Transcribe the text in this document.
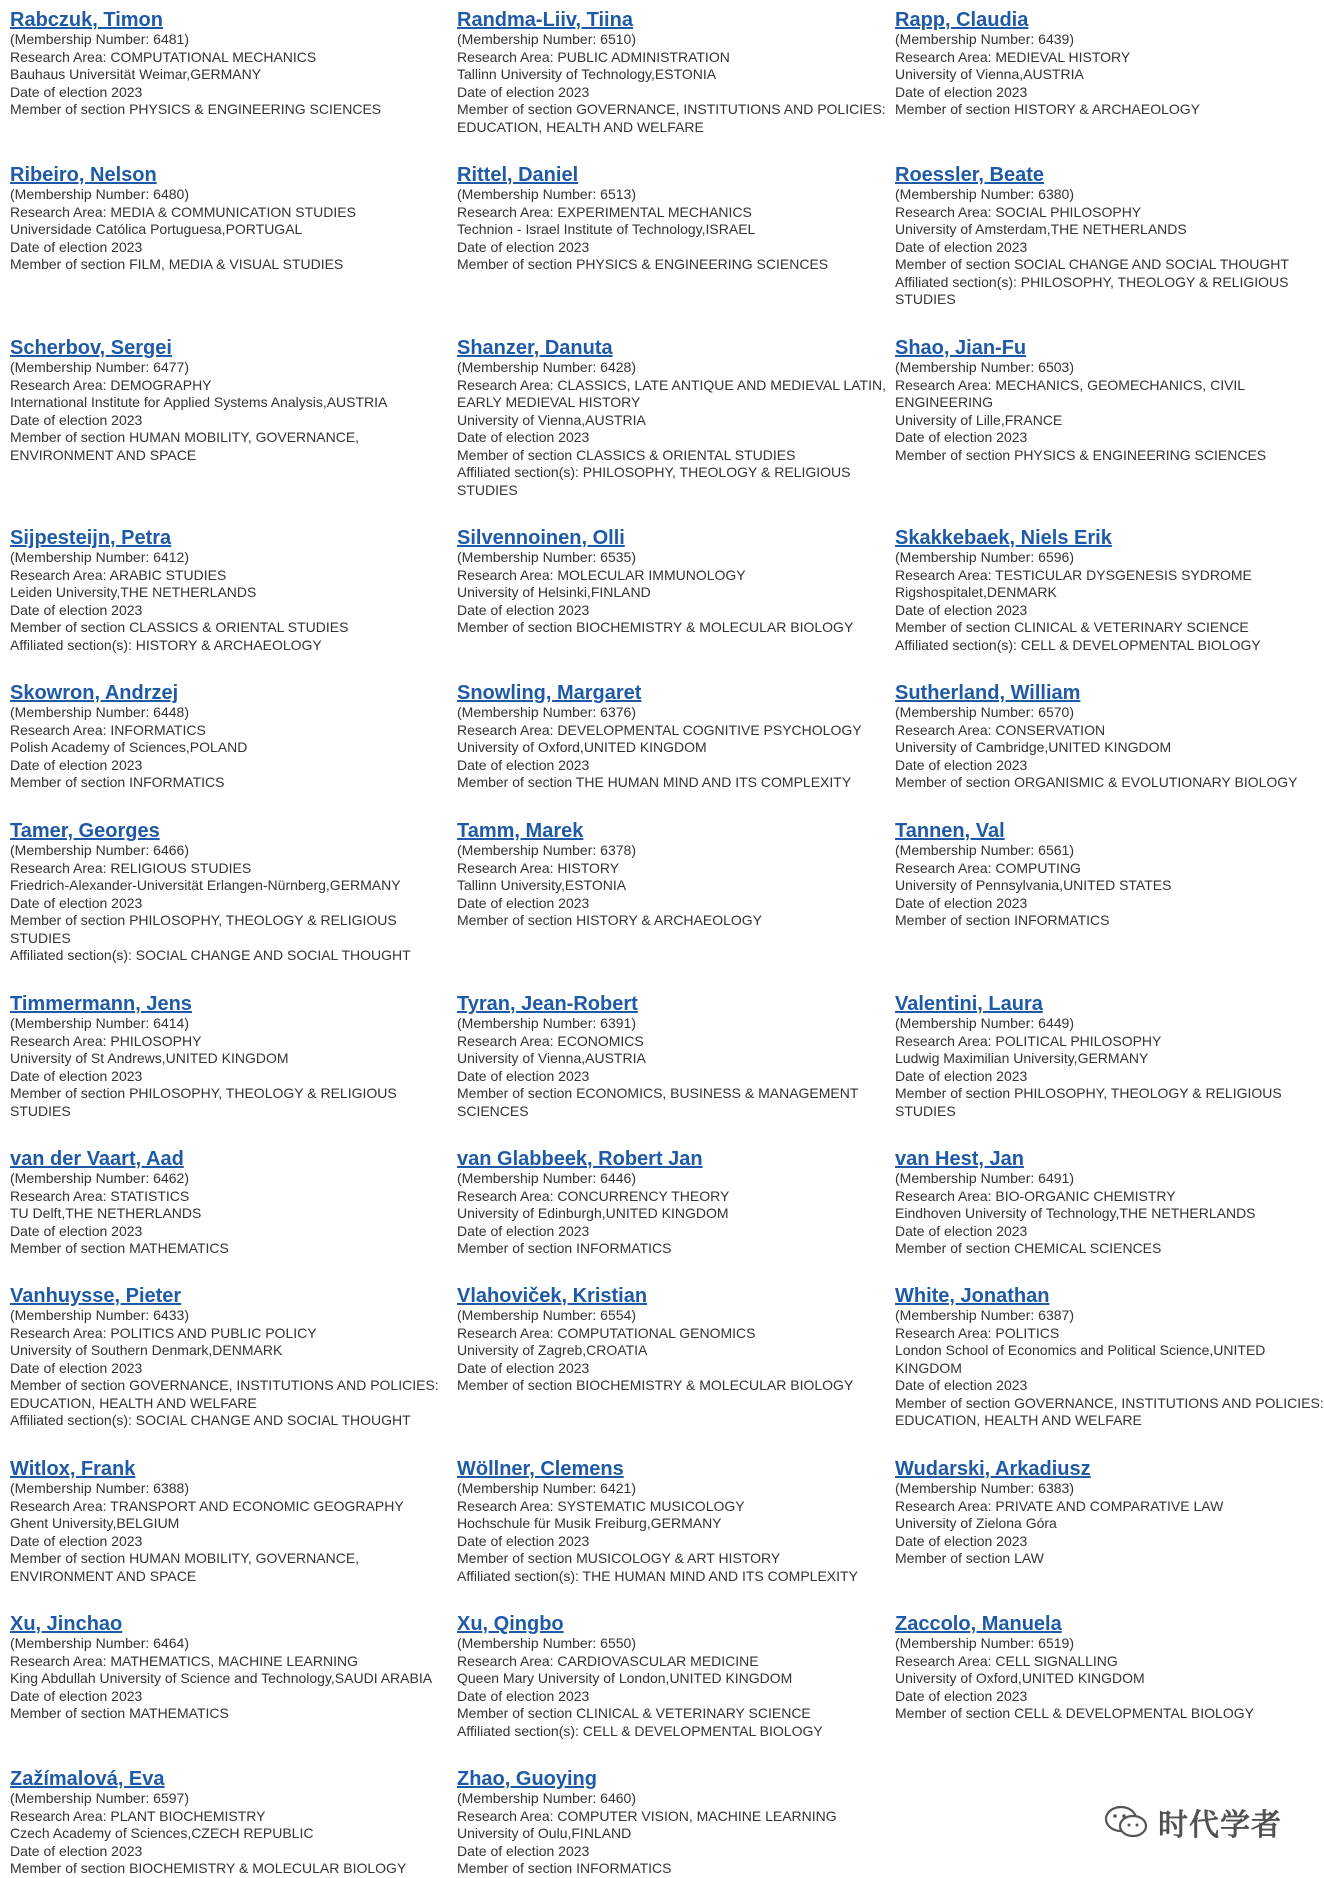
Rabczuk, Timon
(Membership Number: 6481)
Research Area: COMPUTATIONAL MECHANICS
Bauhaus Universität Weimar,GERMANY
Date of election 2023
Member of section PHYSICS & ENGINEERING SCIENCES
Randma-Liiv, Tiina
(Membership Number: 6510)
Research Area: PUBLIC ADMINISTRATION
Tallinn University of Technology,ESTONIA
Date of election 2023
Member of section GOVERNANCE, INSTITUTIONS AND POLICIES: EDUCATION, HEALTH AND WELFARE
Rapp, Claudia
(Membership Number: 6439)
Research Area: MEDIEVAL HISTORY
University of Vienna,AUSTRIA
Date of election 2023
Member of section HISTORY & ARCHAEOLOGY
Ribeiro, Nelson
(Membership Number: 6480)
Research Area: MEDIA & COMMUNICATION STUDIES
Universidade Católica Portuguesa,PORTUGAL
Date of election 2023
Member of section FILM, MEDIA & VISUAL STUDIES
Rittel, Daniel
(Membership Number: 6513)
Research Area: EXPERIMENTAL MECHANICS
Technion - Israel Institute of Technology,ISRAEL
Date of election 2023
Member of section PHYSICS & ENGINEERING SCIENCES
Roessler, Beate
(Membership Number: 6380)
Research Area: SOCIAL PHILOSOPHY
University of Amsterdam,THE NETHERLANDS
Date of election 2023
Member of section SOCIAL CHANGE AND SOCIAL THOUGHT
Affiliated section(s): PHILOSOPHY, THEOLOGY & RELIGIOUS STUDIES
Scherbov, Sergei
(Membership Number: 6477)
Research Area: DEMOGRAPHY
International Institute for Applied Systems Analysis,AUSTRIA
Date of election 2023
Member of section HUMAN MOBILITY, GOVERNANCE, ENVIRONMENT AND SPACE
Shanzer, Danuta
(Membership Number: 6428)
Research Area: CLASSICS, LATE ANTIQUE AND MEDIEVAL LATIN, EARLY MEDIEVAL HISTORY
University of Vienna,AUSTRIA
Date of election 2023
Member of section CLASSICS & ORIENTAL STUDIES
Affiliated section(s): PHILOSOPHY, THEOLOGY & RELIGIOUS STUDIES
Shao, Jian-Fu
(Membership Number: 6503)
Research Area: MECHANICS, GEOMECHANICS, CIVIL ENGINEERING
University of Lille,FRANCE
Date of election 2023
Member of section PHYSICS & ENGINEERING SCIENCES
Sijpesteijn, Petra
(Membership Number: 6412)
Research Area: ARABIC STUDIES
Leiden University,THE NETHERLANDS
Date of election 2023
Member of section CLASSICS & ORIENTAL STUDIES
Affiliated section(s): HISTORY & ARCHAEOLOGY
Silvennoinen, Olli
(Membership Number: 6535)
Research Area: MOLECULAR IMMUNOLOGY
University of Helsinki,FINLAND
Date of election 2023
Member of section BIOCHEMISTRY & MOLECULAR BIOLOGY
Skakkebaek, Niels Erik
(Membership Number: 6596)
Research Area: TESTICULAR DYSGENESIS SYDROME
Rigshospitalet,DENMARK
Date of election 2023
Member of section CLINICAL & VETERINARY SCIENCE
Affiliated section(s): CELL & DEVELOPMENTAL BIOLOGY
Skowron, Andrzej
(Membership Number: 6448)
Research Area: INFORMATICS
Polish Academy of Sciences,POLAND
Date of election 2023
Member of section INFORMATICS
Snowling, Margaret
(Membership Number: 6376)
Research Area: DEVELOPMENTAL COGNITIVE PSYCHOLOGY
University of Oxford,UNITED KINGDOM
Date of election 2023
Member of section THE HUMAN MIND AND ITS COMPLEXITY
Sutherland, William
(Membership Number: 6570)
Research Area: CONSERVATION
University of Cambridge,UNITED KINGDOM
Date of election 2023
Member of section ORGANISMIC & EVOLUTIONARY BIOLOGY
Tamer, Georges
(Membership Number: 6466)
Research Area: RELIGIOUS STUDIES
Friedrich-Alexander-Universität Erlangen-Nürnberg,GERMANY
Date of election 2023
Member of section PHILOSOPHY, THEOLOGY & RELIGIOUS STUDIES
Affiliated section(s): SOCIAL CHANGE AND SOCIAL THOUGHT
Tamm, Marek
(Membership Number: 6378)
Research Area: HISTORY
Tallinn University,ESTONIA
Date of election 2023
Member of section HISTORY & ARCHAEOLOGY
Tannen, Val
(Membership Number: 6561)
Research Area: COMPUTING
University of Pennsylvania,UNITED STATES
Date of election 2023
Member of section INFORMATICS
Timmermann, Jens
(Membership Number: 6414)
Research Area: PHILOSOPHY
University of St Andrews,UNITED KINGDOM
Date of election 2023
Member of section PHILOSOPHY, THEOLOGY & RELIGIOUS STUDIES
Tyran, Jean-Robert
(Membership Number: 6391)
Research Area: ECONOMICS
University of Vienna,AUSTRIA
Date of election 2023
Member of section ECONOMICS, BUSINESS & MANAGEMENT SCIENCES
Valentini, Laura
(Membership Number: 6449)
Research Area: POLITICAL PHILOSOPHY
Ludwig Maximilian University,GERMANY
Date of election 2023
Member of section PHILOSOPHY, THEOLOGY & RELIGIOUS STUDIES
van der Vaart, Aad
(Membership Number: 6462)
Research Area: STATISTICS
TU Delft,THE NETHERLANDS
Date of election 2023
Member of section MATHEMATICS
van Glabbeek, Robert Jan
(Membership Number: 6446)
Research Area: CONCURRENCY THEORY
University of Edinburgh,UNITED KINGDOM
Date of election 2023
Member of section INFORMATICS
van Hest, Jan
(Membership Number: 6491)
Research Area: BIO-ORGANIC CHEMISTRY
Eindhoven University of Technology,THE NETHERLANDS
Date of election 2023
Member of section CHEMICAL SCIENCES
Vanhuysse, Pieter
(Membership Number: 6433)
Research Area: POLITICS AND PUBLIC POLICY
University of Southern Denmark,DENMARK
Date of election 2023
Member of section GOVERNANCE, INSTITUTIONS AND POLICIES: EDUCATION, HEALTH AND WELFARE
Affiliated section(s): SOCIAL CHANGE AND SOCIAL THOUGHT
Vlahoviček, Kristian
(Membership Number: 6554)
Research Area: COMPUTATIONAL GENOMICS
University of Zagreb,CROATIA
Date of election 2023
Member of section BIOCHEMISTRY & MOLECULAR BIOLOGY
White, Jonathan
(Membership Number: 6387)
Research Area: POLITICS
London School of Economics and Political Science,UNITED KINGDOM
Date of election 2023
Member of section GOVERNANCE, INSTITUTIONS AND POLICIES: EDUCATION, HEALTH AND WELFARE
Witlox, Frank
(Membership Number: 6388)
Research Area: TRANSPORT AND ECONOMIC GEOGRAPHY
Ghent University,BELGIUM
Date of election 2023
Member of section HUMAN MOBILITY, GOVERNANCE, ENVIRONMENT AND SPACE
Wöllner, Clemens
(Membership Number: 6421)
Research Area: SYSTEMATIC MUSICOLOGY
Hochschule für Musik Freiburg,GERMANY
Date of election 2023
Member of section MUSICOLOGY & ART HISTORY
Affiliated section(s): THE HUMAN MIND AND ITS COMPLEXITY
Wudarski, Arkadiusz
(Membership Number: 6383)
Research Area: PRIVATE AND COMPARATIVE LAW
University of Zielona Góra
Date of election 2023
Member of section LAW
Xu, Jinchao
(Membership Number: 6464)
Research Area: MATHEMATICS, MACHINE LEARNING
King Abdullah University of Science and Technology,SAUDI ARABIA
Date of election 2023
Member of section MATHEMATICS
Xu, Qingbo
(Membership Number: 6550)
Research Area: CARDIOVASCULAR MEDICINE
Queen Mary University of London,UNITED KINGDOM
Date of election 2023
Member of section CLINICAL & VETERINARY SCIENCE
Affiliated section(s): CELL & DEVELOPMENTAL BIOLOGY
Zaccolo, Manuela
(Membership Number: 6519)
Research Area: CELL SIGNALLING
University of Oxford,UNITED KINGDOM
Date of election 2023
Member of section CELL & DEVELOPMENTAL BIOLOGY
Zažímalová, Eva
(Membership Number: 6597)
Research Area: PLANT BIOCHEMISTRY
Czech Academy of Sciences,CZECH REPUBLIC
Date of election 2023
Member of section BIOCHEMISTRY & MOLECULAR BIOLOGY
Zhao, Guoying
(Membership Number: 6460)
Research Area: COMPUTER VISION, MACHINE LEARNING
University of Oulu,FINLAND
Date of election 2023
Member of section INFORMATICS
时代学者
